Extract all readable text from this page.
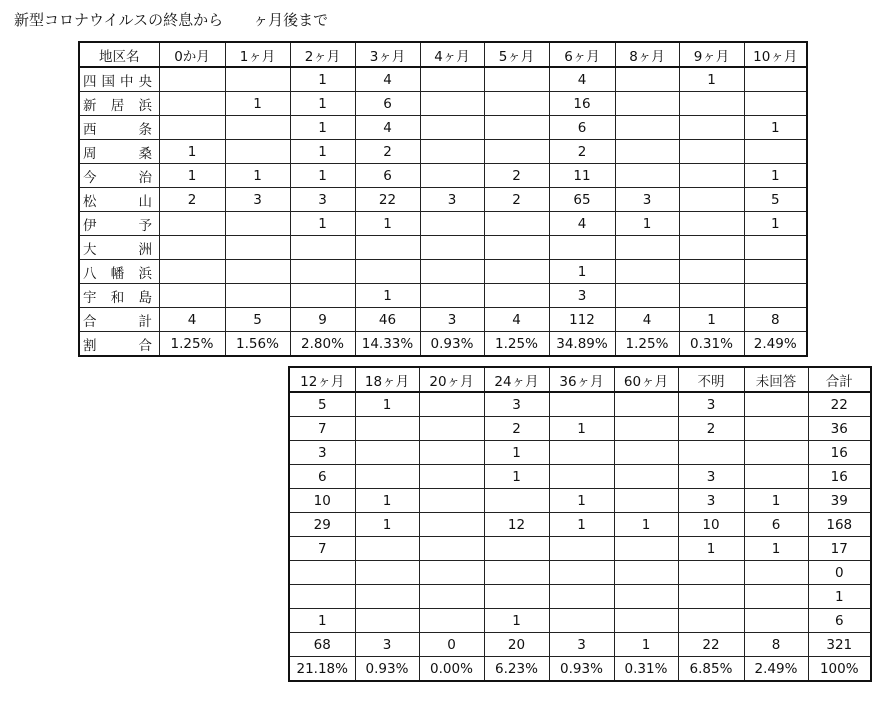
新型コロナウイルスの終息から　　ヶ月後まで
地区名	0か月	1ヶ月	2ヶ月	3ヶ月	4ヶ月	5ヶ月	6ヶ月	8ヶ月	9ヶ月	10ヶ月

四 国 中 央			1	4			4		1	

新 居 浜		1	1	6			16			

西 条			1	4			6			1

周 桑	1		1	2			2			

今 治	1	1	1	6		2	11			1

松 山	2	3	3	22	3	2	65	3		5

伊 予			1	1			4	1		1

大 洲										

八 幡 浜							1			

宇 和 島				1			3			

合 計	4	5	9	46	3	4	112	4	1	8

割 合	1.25%	1.56%	2.80%	14.33%	0.93%	1.25%	34.89%	1.25%	0.31%	2.49%
12ヶ月	18ヶ月	20ヶ月	24ヶ月	36ヶ月	60ヶ月	不明	未回答	合計
5	1		3			3		22
7			2	1		2		36
3			1					16
6			1			3		16
10	1			1		3	1	39
29	1		12	1	1	10	6	168
7						1	1	17
								0
								1
1			1					6
68	3	0	20	3	1	22	8	321
21.18%	0.93%	0.00%	6.23%	0.93%	0.31%	6.85%	2.49%	100%
